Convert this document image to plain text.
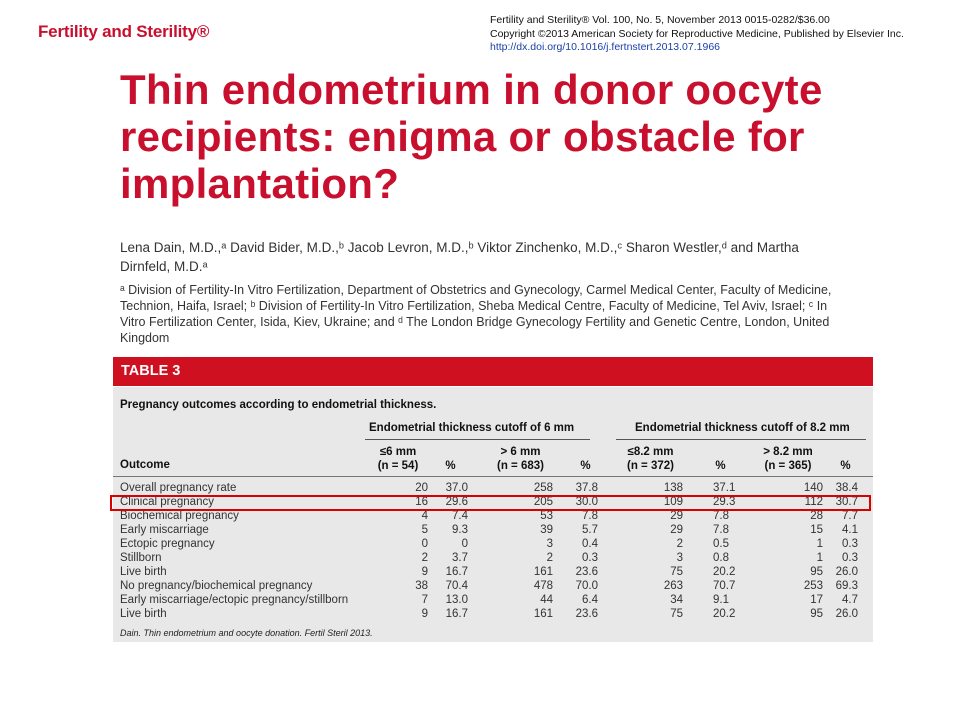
Fertility and Sterility®
Fertility and Sterility® Vol. 100, No. 5, November 2013 0015-0282/$36.00
Copyright ©2013 American Society for Reproductive Medicine, Published by Elsevier Inc.
http://dx.doi.org/10.1016/j.fertnstert.2013.07.1966
Thin endometrium in donor oocyte recipients: enigma or obstacle for implantation?

Lena Dain, M.D.,ᵃ David Bider, M.D.,ᵇ Jacob Levron, M.D.,ᵇ Viktor Zinchenko, M.D.,ᶜ Sharon Westler,ᵈ and Martha Dirnfeld, M.D.ᵃ

ᵃ Division of Fertility-In Vitro Fertilization, Department of Obstetrics and Gynecology, Carmel Medical Center, Faculty of Medicine, Technion, Haifa, Israel; ᵇ Division of Fertility-In Vitro Fertilization, Sheba Medical Centre, Faculty of Medicine, Tel Aviv, Israel; ᶜ In Vitro Fertilization Center, Isida, Kiev, Ukraine; and ᵈ The London Bridge Gynecology Fertility and Genetic Centre, London, United Kingdom

TABLE 3
Pregnancy outcomes according to endometrial thickness.
Endometrial thickness cutoff of 6 mm	Endometrial thickness cutoff of 8.2 mm
Outcome
≤6 mm
(n = 54)	%
> 6 mm
(n = 683)	%
≤8.2 mm
(n = 372)	%
> 8.2 mm
(n = 365)	%
Overall pregnancy rate	20	37.0	258 37.8	138	37.1	140 38.4
Clinical pregnancy	16	29.6	205 30.0	109	29.3	112 30.7
Biochemical pregnancy	4	7.4	53	7.8	29	7.8	28	7.7
Early miscarriage	5	9.3	39	5.7	29	7.8	15	4.1
Ectopic pregnancy	0	0	3	0.4	2	0.5	1	0.3
Stillborn	2	3.7	2	0.3	3	0.8	1	0.3
Live birth	9	16.7	161 23.6	75	20.2	95 26.0
No pregnancy/biochemical pregnancy	38	70.4	478 70.0	263	70.7	253 69.3
Early miscarriage/ectopic pregnancy/stillborn	7	13.0	44	6.4	34	9.1	17	4.7
Live birth	9	16.7	161 23.6	75	20.2	95 26.0
Dain. Thin endometrium and oocyte donation. Fertil Steril 2013.
